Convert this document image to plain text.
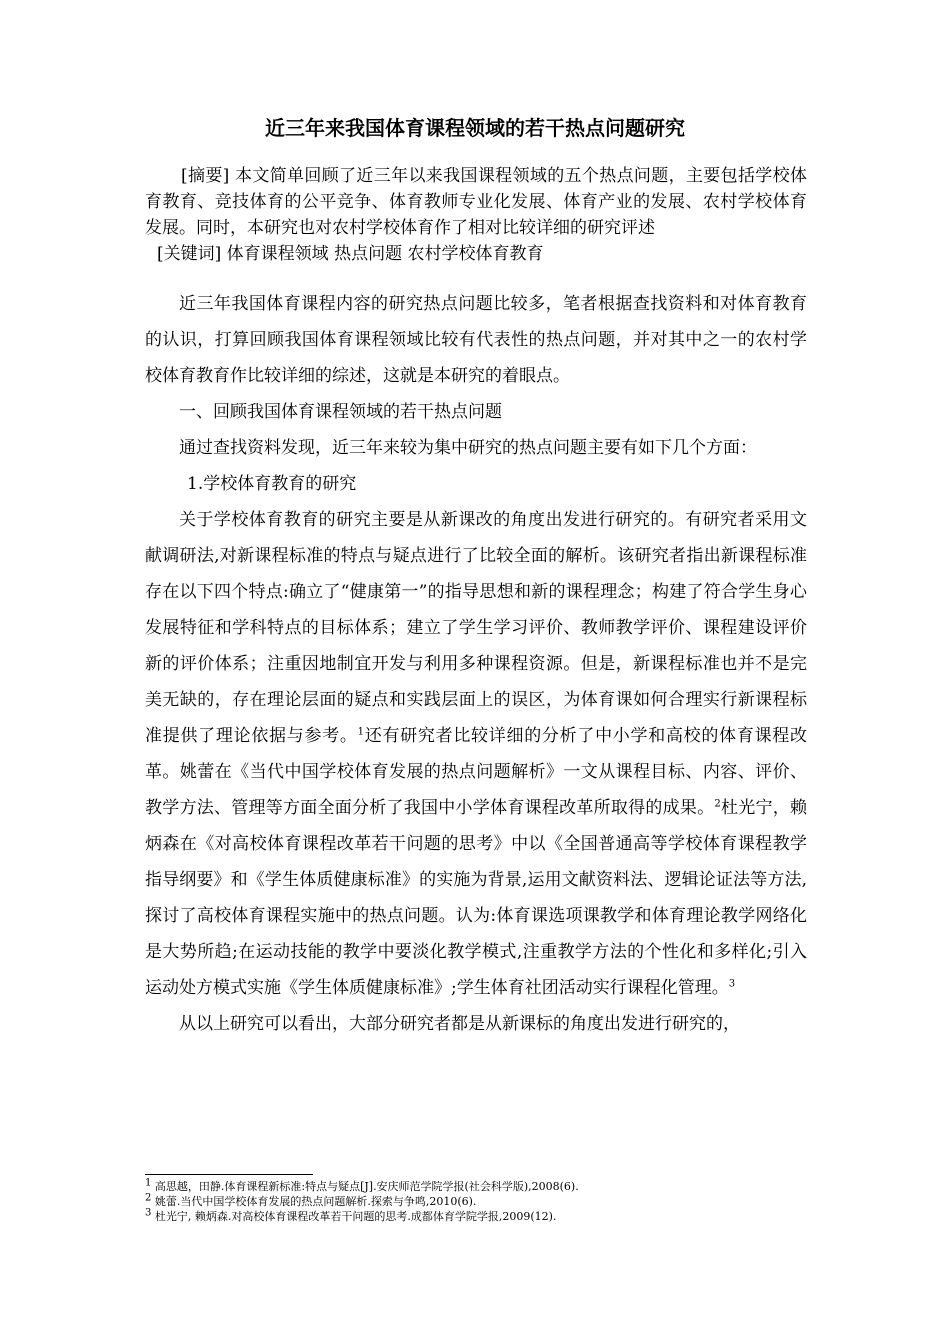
近三年来我国体育课程领域的若干热点问题研究

[摘要] 本文简单回顾了近三年以来我国课程领域的五个热点问题，主要包括学校体育教育、竞技体育的公平竞争、体育教师专业化发展、体育产业的发展、农村学校体育发展。同时，本研究也对农村学校体育作了相对比较详细的研究评述

[关键词] 体育课程领域 热点问题 农村学校体育教育

近三年我国体育课程内容的研究热点问题比较多，笔者根据查找资料和对体育教育的认识，打算回顾我国体育课程领域比较有代表性的热点问题，并对其中之一的农村学校体育教育作比较详细的综述，这就是本研究的着眼点。

一、回顾我国体育课程领域的若干热点问题

通过查找资料发现，近三年来较为集中研究的热点问题主要有如下几个方面：

1.学校体育教育的研究

关于学校体育教育的研究主要是从新课改的角度出发进行研究的。有研究者采用文献调研法,对新课程标准的特点与疑点进行了比较全面的解析。该研究者指出新课程标准存在以下四个特点:确立了“健康第一”的指导思想和新的课程理念；构建了符合学生身心发展特征和学科特点的目标体系；建立了学生学习评价、教师教学评价、课程建设评价新的评价体系；注重因地制宜开发与利用多种课程资源。但是，新课程标准也并不是完美无缺的，存在理论层面的疑点和实践层面上的误区，为体育课如何合理实行新课程标准提供了理论依据与参考。$^1$还有研究者比较详细的分析了中小学和高校的体育课程改革。姚蕾在《当代中国学校体育发展的热点问题解析》一文从课程目标、内容、评价、教学方法、管理等方面全面分析了我国中小学体育课程改革所取得的成果。$^2$杜光宁，赖炳森在《对高校体育课程改革若干问题的思考》中以《全国普通高等学校体育课程教学指导纲要》和《学生体质健康标准》的实施为背景,运用文献资料法、逻辑论证法等方法,探讨了高校体育课程实施中的热点问题。认为:体育课选项课教学和体育理论教学网络化是大势所趋;在运动技能的教学中要淡化教学模式,注重教学方法的个性化和多样化;引入运动处方模式实施《学生体质健康标准》;学生体育社团活动实行课程化管理。$^3$

从以上研究可以看出，大部分研究者都是从新课标的角度出发进行研究的，

$^1$ 高思越，田静.体育课程新标准:特点与疑点[J].安庆师范学院学报(社会科学版),2008(6).
$^2$ 姚蕾.当代中国学校体育发展的热点问题解析.探索与争鸣,2010(6).
$^3$ 杜光宁, 赖炳森.对高校体育课程改革若干问题的思考.成都体育学院学报,2009(12).
